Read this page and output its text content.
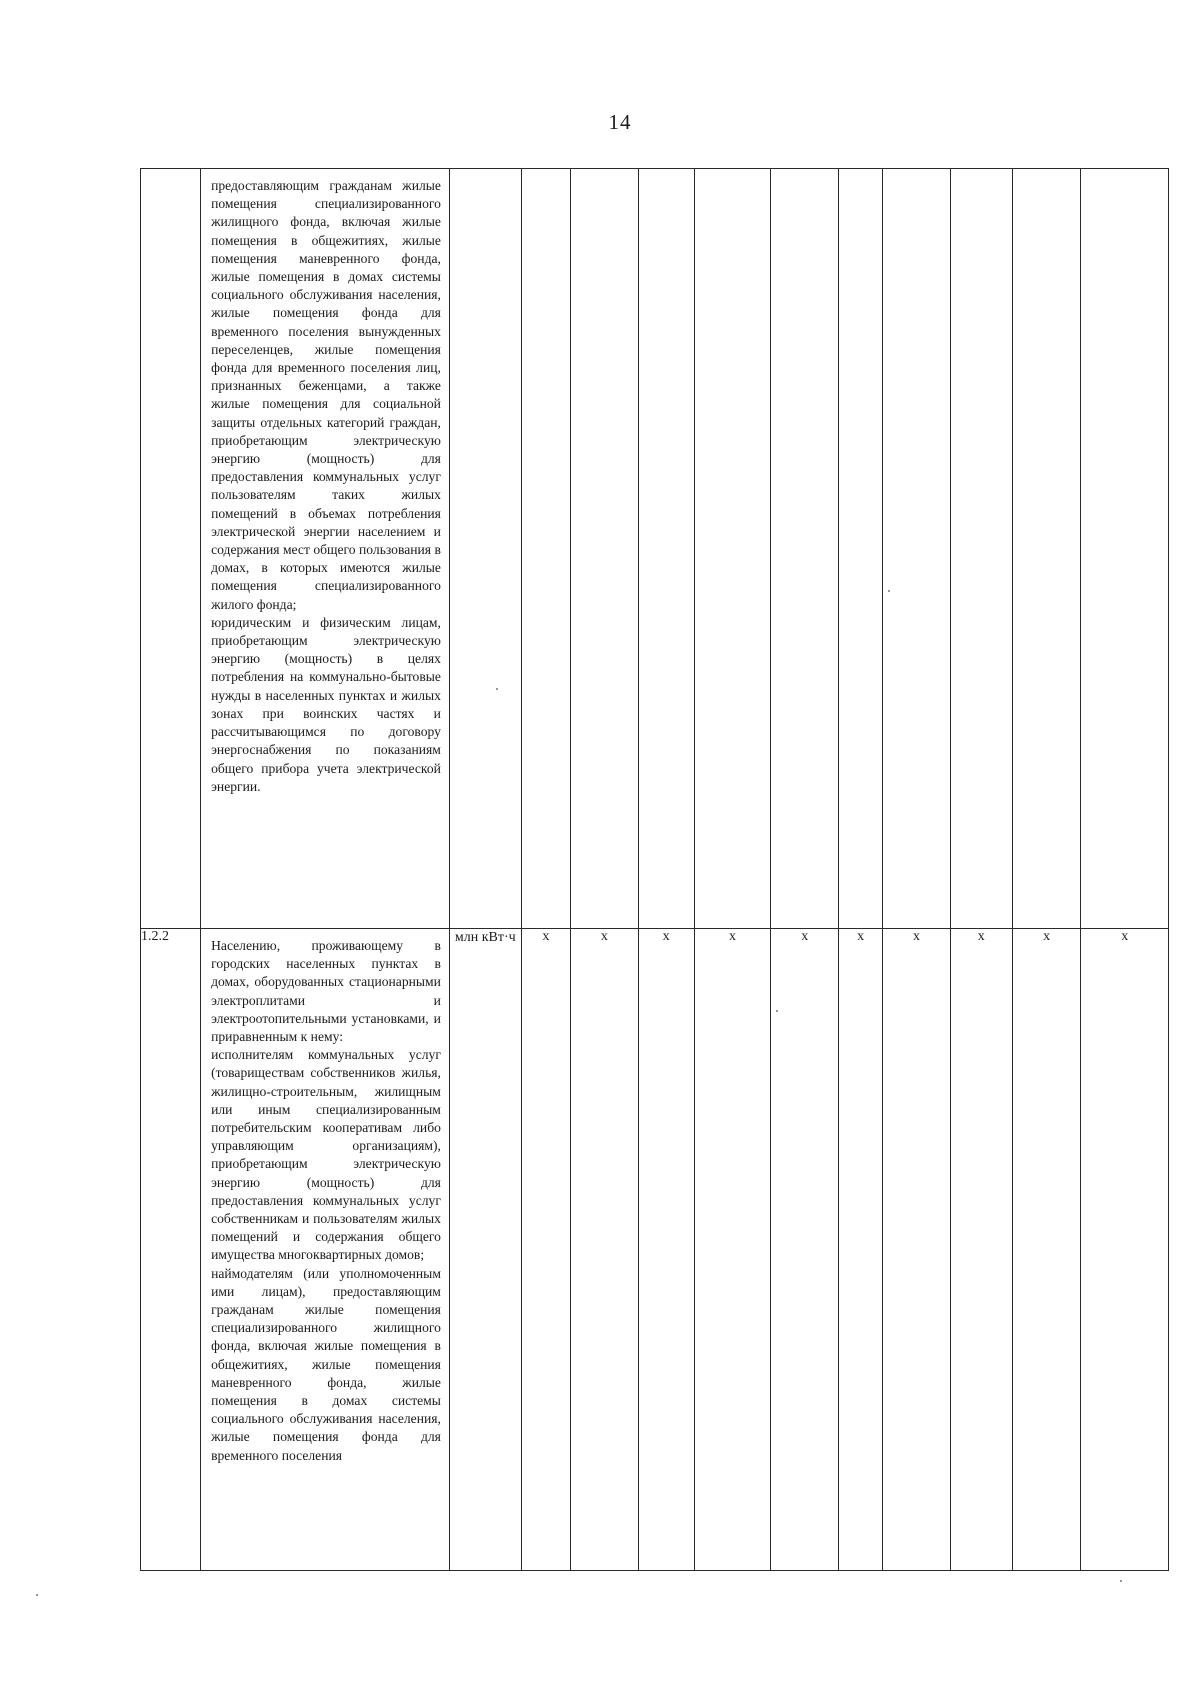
14

	предоставляющим гражданам жилые помещения специализированного жилищного фонда, включая жилые помещения в общежитиях, жилые помещения маневренного фонда, жилые помещения в домах системы социального обслуживания населения, жилые помещения фонда для временного поселения вынужденных переселенцев, жилые помещения фонда для временного поселения лиц, признанных беженцами, а также жилые помещения для социальной защиты отдельных категорий граждан, приобретающим электрическую энергию (мощность) для предоставления коммунальных услуг пользователям таких жилых помещений в объемах потребления электрической энергии населением и содержания мест общего пользования в домах, в которых имеются жилые помещения специализированного жилого фонда;
юридическим и физическим лицам, приобретающим электрическую энергию (мощность) в целях потребления на коммунально-бытовые нужды в населенных пунктах и жилых зонах при воинских частях и рассчитывающимся по договору энергоснабжения по показаниям общего прибора учета электрической энергии.											

1.2.2	Населению, проживающему в городских населенных пунктах в домах, оборудованных стационарными электроплитами и электроотопительными установками, и приравненным к нему:
исполнителям коммунальных услуг (товариществам собственников жилья, жилищно-строительным, жилищным или иным специализированным потребительским кооперативам либо управляющим организациям), приобретающим электрическую энергию (мощность) для предоставления коммунальных услуг собственникам и пользователям жилых помещений и содержания общего имущества многоквартирных домов;
наймодателям (или уполномоченным ими лицам), предоставляющим гражданам жилые помещения специализированного жилищного фонда, включая жилые помещения в общежитиях, жилые помещения маневренного фонда, жилые помещения в домах системы социального обслуживания населения, жилые помещения фонда для временного поселения	млн кВт·ч	х	х	х	х	х	х	х	х	х	х
